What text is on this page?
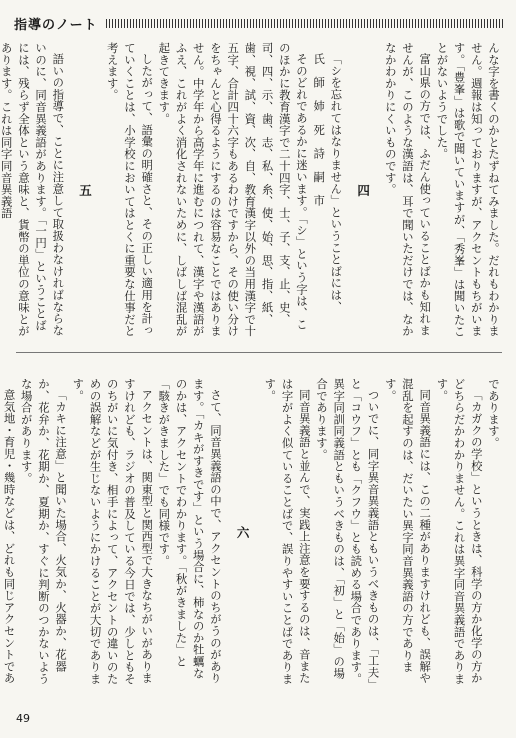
指導のノート

んな字を書くのかとたずねてみました。だれもわかりません。週報は知っておりますが、アクセントもちがいます。「豊峯」は歌で聞いていますが、「秀峯」は聞いたことがないようでした。

富山県の方では、ふだん使っていることばかも知れませんが、このような漢語は、耳で聞いただけでは、なかなかわかりにくいものです。

四

「シを忘れてはなりません」ということばには、

氏　師　姉　死　詩　嗣　市

そのどれであるかに迷います。「シ」という字は、このほかに教育漢字で二十四字、士、子、支、止、史、司、四、示、歯、志、私、糸、使、始、思、指、紙、歯、視、試、資、次、自、教育漢字以外の当用漢字で十五字、合計四十六字もあるわけですから、その使い分けをちゃんと心得るようにするのは容易なことではありません。中学年から高学年に進むにつれて、漢字や漢語がふえ、これがよく消化されないために、しばしば混乱が起きてきます。

したがって、語彙の明確さと、その正しい適用を計っていくことは、小学校においてはとくに重要な仕事だと考えます。

五

語いの指導で、ことに注意して取扱わなければならないのに、同音異義語があります。「一円」ということばには、残らず全体という意味と、貨幣の単位の意味とがあります。これは同字同音異義語

であります。

「カガクの学校」というときは、科学の方か化学の方かどちらだかわかりません。これは異字同音異義語であります。

同音異義語には、この二種がありますけれども、誤解や混乱を起すのは、だいたい異字同音異義語の方であります。

ついでに、同字異音異義語ともいうべきものは、「工夫」と「コウフ」とも「クフウ」とも読める場合であります。異字同訓同義語ともいうべきものは、「初」と「始」の場合であります。

同音異義語と並んで、実践上注意を要するのは、音または字がよく似ていることばで、誤りやすいことばであります。

六

さて、同音異義語の中で、アクセントのちがうのがあります。「カキがすきです」という場合に、柿なのか牡蠣なのかは、アクセントでわかります。「秋がきました」と「駭きがきました」でも同様です。

アクセントは、関東型と関西型で大きなちがいがありますけれども、ラジオの普及している今日では、少しともそのちがいに気付き、相手によって、アクセントの違いのための誤解などが生じないようにかけることが大切であります。

「カキに注意」と聞いた場合、火気か、火器か、花器か、花弁か、花期か、夏期か、すぐに判断のつかないような場合があります。

意気地・育児・幾時などは、どれも同じアクセントであ

49
